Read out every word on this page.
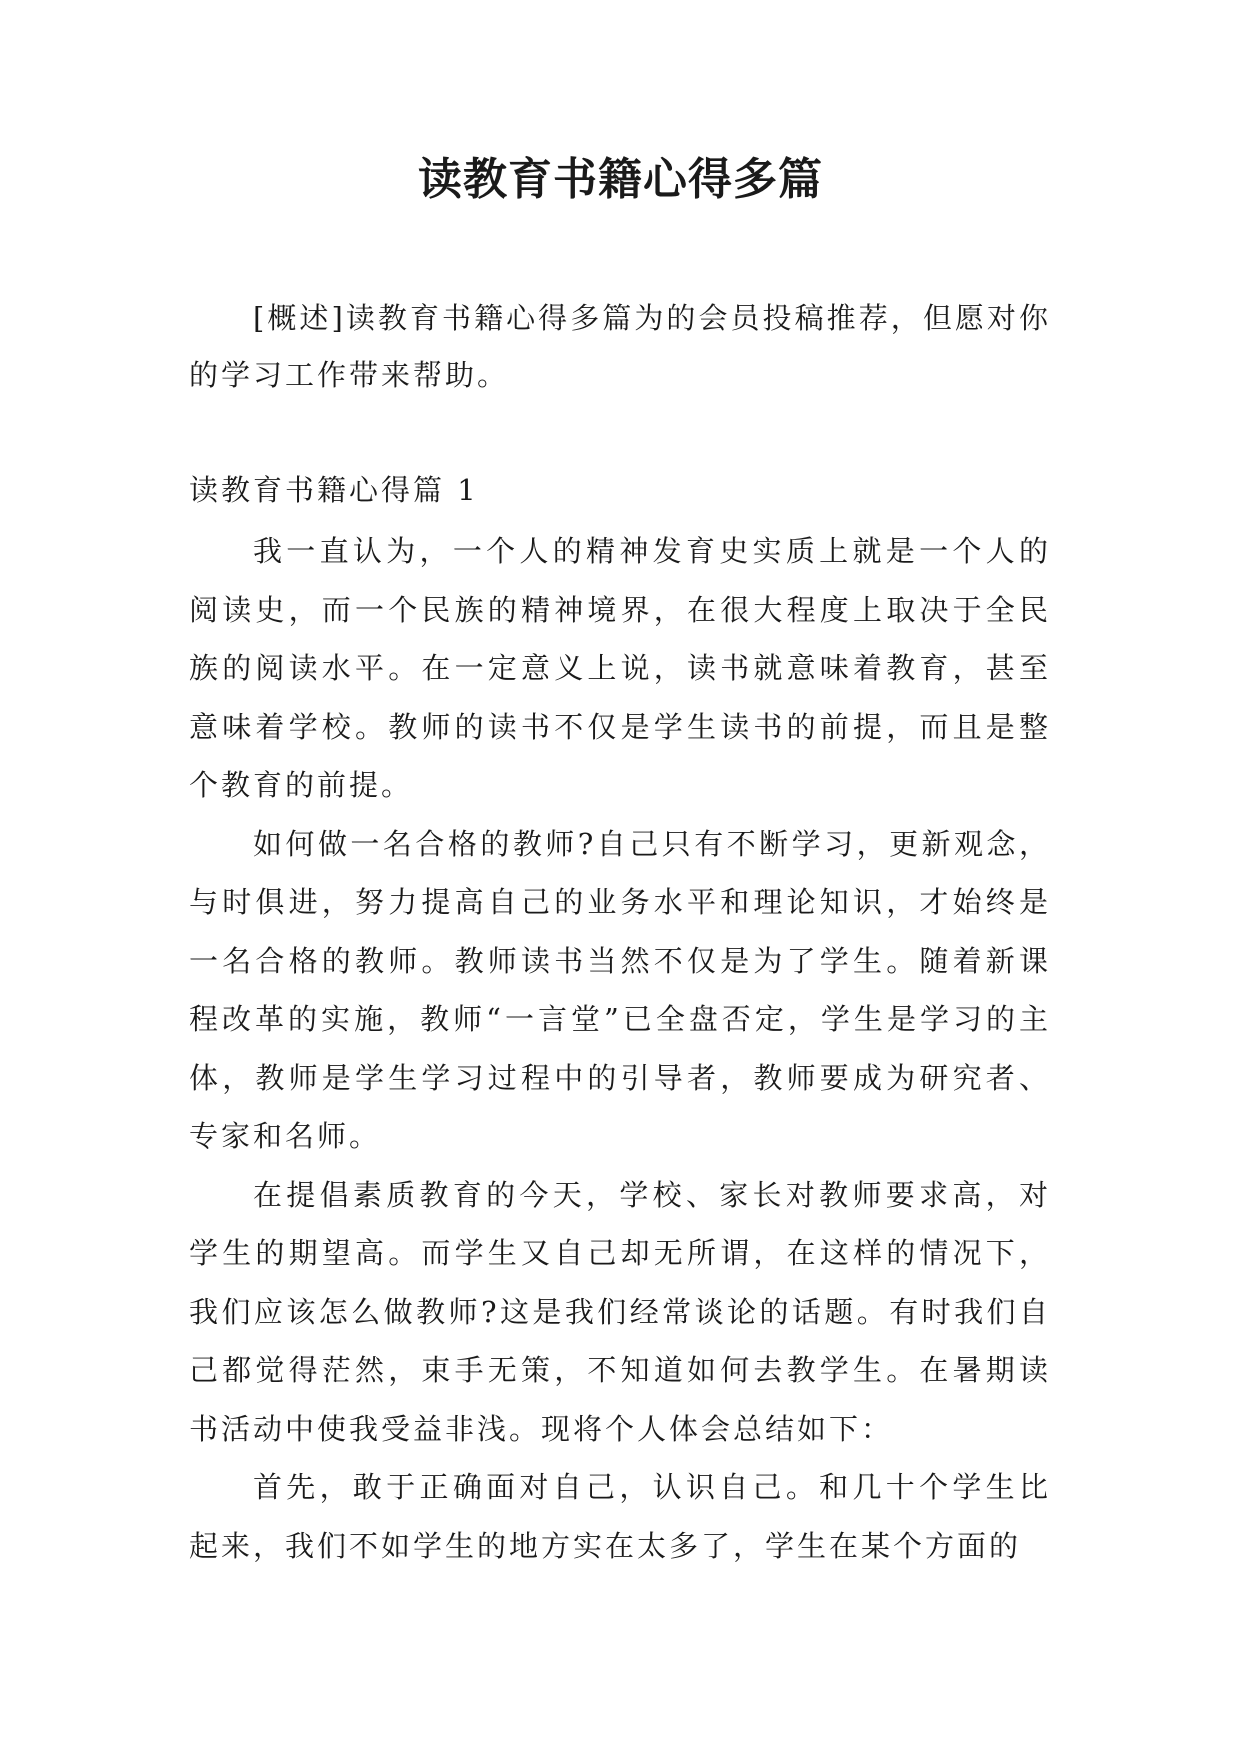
读教育书籍心得多篇

[概述]读教育书籍心得多篇为的会员投稿推荐，但愿对你的学习工作带来帮助。

读教育书籍心得篇 1

我一直认为，一个人的精神发育史实质上就是一个人的阅读史，而一个民族的精神境界，在很大程度上取决于全民族的阅读水平。在一定意义上说，读书就意味着教育，甚至意味着学校。教师的读书不仅是学生读书的前提，而且是整个教育的前提。

如何做一名合格的教师?自己只有不断学习，更新观念，与时俱进，努力提高自己的业务水平和理论知识，才始终是一名合格的教师。教师读书当然不仅是为了学生。随着新课程改革的实施，教师“一言堂”已全盘否定，学生是学习的主体，教师是学生学习过程中的引导者，教师要成为研究者、专家和名师。

在提倡素质教育的今天，学校、家长对教师要求高，对学生的期望高。而学生又自己却无所谓，在这样的情况下，我们应该怎么做教师?这是我们经常谈论的话题。有时我们自己都觉得茫然，束手无策，不知道如何去教学生。在暑期读书活动中使我受益非浅。现将个人体会总结如下：

首先，敢于正确面对自己，认识自己。和几十个学生比起来，我们不如学生的地方实在太多了，学生在某个方面的
